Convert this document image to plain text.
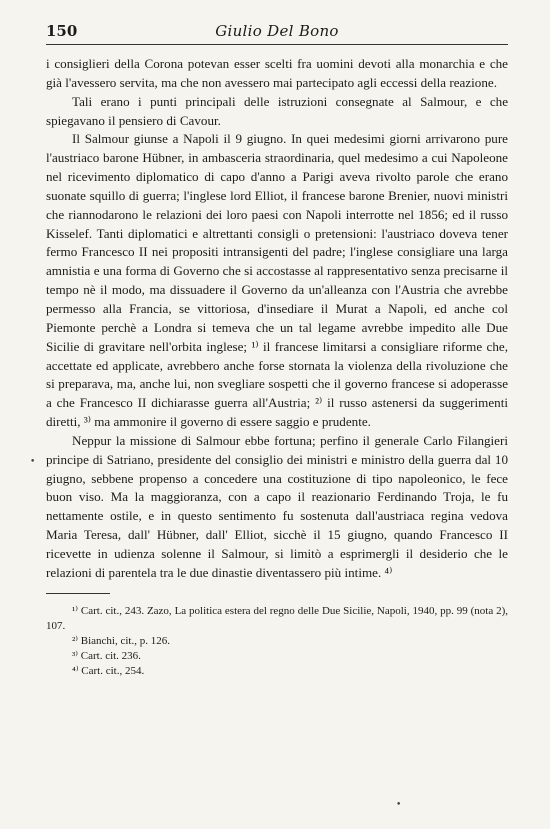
150	Giulio Del Bono

i consiglieri della Corona potevan esser scelti fra uomini devoti alla monarchia e che già l'avessero servita, ma che non avessero mai partecipato agli eccessi della reazione.

Tali erano i punti principali delle istruzioni consegnate al Salmour, e che spiegavano il pensiero di Cavour.

Il Salmour giunse a Napoli il 9 giugno. In quei medesimi giorni arrivarono pure l'austriaco barone Hübner, in ambasceria straordinaria, quel medesimo a cui Napoleone nel ricevimento diplomatico di capo d'anno a Parigi aveva rivolto parole che erano suonate squillo di guerra; l'inglese lord Elliot, il francese barone Brenier, nuovi ministri che riannodarono le relazioni dei loro paesi con Napoli interrotte nel 1856; ed il russo Kisselef. Tanti diplomatici e altrettanti consigli o pretensioni: l'austriaco doveva tener fermo Francesco II nei propositi intransigenti del padre; l'inglese consigliare una larga amnistia e una forma di Governo che si accostasse al rappresentativo senza precisarne il tempo nè il modo, ma dissuadere il Governo da un'alleanza con l'Austria che avrebbe permesso alla Francia, se vittoriosa, d'insediare il Murat a Napoli, ed anche col Piemonte perchè a Londra si temeva che un tal legame avrebbe impedito alle Due Sicilie di gravitare nell'orbita inglese; ¹⁾ il francese limitarsi a consigliare riforme che, accettate ed applicate, avrebbero anche forse stornata la violenza della rivoluzione che si preparava, ma, anche lui, non svegliare sospetti che il governo francese si adoperasse a che Francesco II dichiarasse guerra all'Austria; ²⁾ il russo astenersi da suggerimenti diretti, ³⁾ ma ammonire il governo di essere saggio e prudente.

Neppur la missione di Salmour ebbe fortuna; perfino il generale Carlo Filangieri principe di Satriano, presidente del consiglio dei ministri e ministro della guerra dal 10 giugno, sebbene propenso a concedere una costituzione di tipo napoleonico, le fece buon viso. Ma la maggioranza, con a capo il reazionario Ferdinando Troja, le fu nettamente ostile, e in questo sentimento fu sostenuta dall'austriaca regina vedova Maria Teresa, dall' Hübner, dall' Elliot, sicchè il 15 giugno, quando Francesco II ricevette in udienza solenne il Salmour, si limitò a esprimergli il desiderio che le relazioni di parentela tra le due dinastie diventassero più intime. ⁴⁾

¹⁾ Cart. cit., 243. Zazo, La politica estera del regno delle Due Sicilie, Napoli, 1940, pp. 99 (nota 2), 107.

²⁾ Bianchi, cit., p. 126.

³⁾ Cart. cit. 236.

⁴⁾ Cart. cit., 254.

•
•
